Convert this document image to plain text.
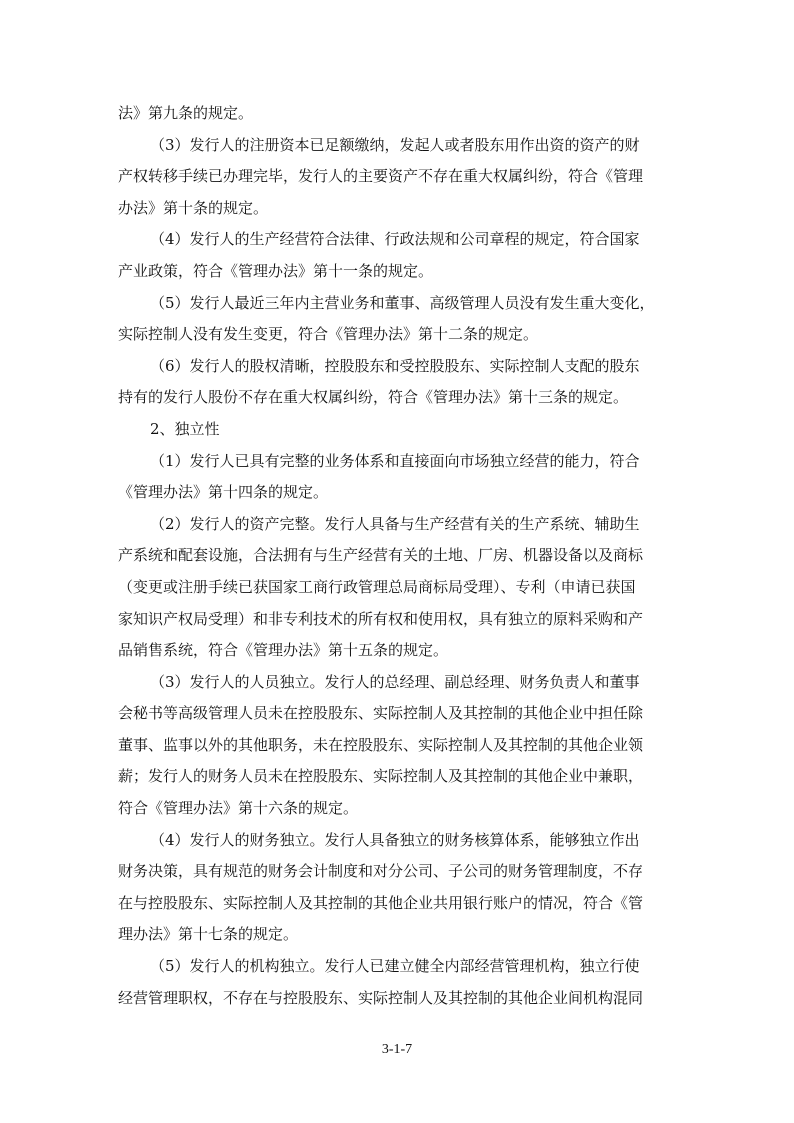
法》第九条的规定。
（3）发行人的注册资本已足额缴纳，发起人或者股东用作出资的资产的财
产权转移手续已办理完毕，发行人的主要资产不存在重大权属纠纷，符合《管理
办法》第十条的规定。
（4）发行人的生产经营符合法律、行政法规和公司章程的规定，符合国家
产业政策，符合《管理办法》第十一条的规定。
（5）发行人最近三年内主营业务和董事、高级管理人员没有发生重大变化，
实际控制人没有发生变更，符合《管理办法》第十二条的规定。
（6）发行人的股权清晰，控股股东和受控股股东、实际控制人支配的股东
持有的发行人股份不存在重大权属纠纷，符合《管理办法》第十三条的规定。
2、独立性
（1）发行人已具有完整的业务体系和直接面向市场独立经营的能力，符合
《管理办法》第十四条的规定。
（2）发行人的资产完整。发行人具备与生产经营有关的生产系统、辅助生
产系统和配套设施，合法拥有与生产经营有关的土地、厂房、机器设备以及商标
（变更或注册手续已获国家工商行政管理总局商标局受理）、专利（申请已获国
家知识产权局受理）和非专利技术的所有权和使用权，具有独立的原料采购和产
品销售系统，符合《管理办法》第十五条的规定。
（3）发行人的人员独立。发行人的总经理、副总经理、财务负责人和董事
会秘书等高级管理人员未在控股股东、实际控制人及其控制的其他企业中担任除
董事、监事以外的其他职务，未在控股股东、实际控制人及其控制的其他企业领
薪；发行人的财务人员未在控股股东、实际控制人及其控制的其他企业中兼职，
符合《管理办法》第十六条的规定。
（4）发行人的财务独立。发行人具备独立的财务核算体系，能够独立作出
财务决策，具有规范的财务会计制度和对分公司、子公司的财务管理制度，不存
在与控股股东、实际控制人及其控制的其他企业共用银行账户的情况，符合《管
理办法》第十七条的规定。
（5）发行人的机构独立。发行人已建立健全内部经营管理机构，独立行使
经营管理职权，不存在与控股股东、实际控制人及其控制的其他企业间机构混同
3-1-7
